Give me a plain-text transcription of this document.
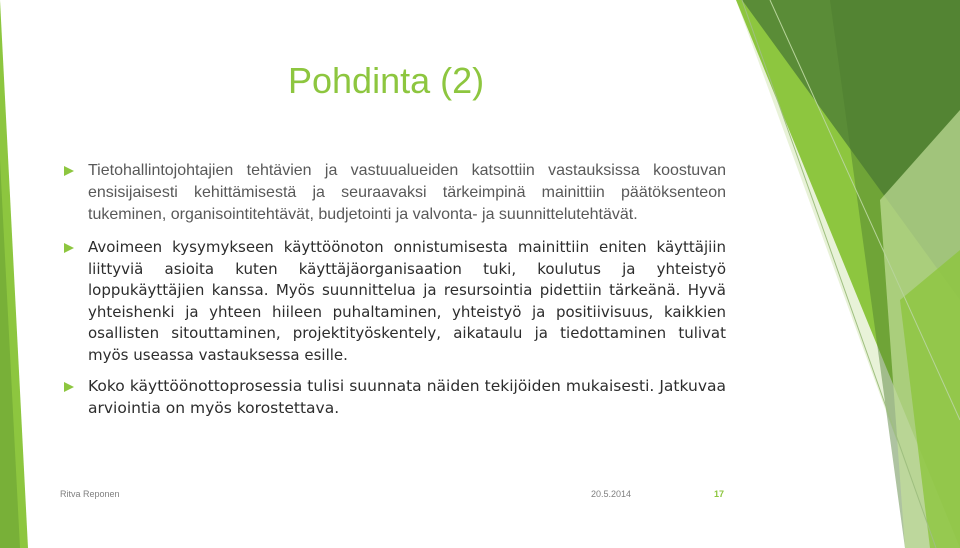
Pohdinta (2)

Tietohallintojohtajien tehtävien ja vastuualueiden katsottiin vastauksissa koostuvan ensisijaisesti kehittämisestä ja seuraavaksi tärkeimpinä mainittiin päätöksenteon tukeminen, organisointitehtävät, budjetointi ja valvonta- ja suunnittelutehtävät.

Avoimeen kysymykseen käyttöönoton onnistumisesta mainittiin eniten käyttäjiin liittyviä asioita kuten käyttäjäorganisaation tuki, koulutus ja yhteistyö loppukäyttäjien kanssa. Myös suunnittelua ja resursointia pidettiin tärkeänä. Hyvä yhteishenki ja yhteen hiileen puhaltaminen, yhteistyö ja positiivisuus, kaikkien osallisten sitouttaminen, projektityöskentely, aikataulu ja tiedottaminen tulivat myös useassa vastauksessa esille.

Koko käyttöönottoprosessia tulisi suunnata näiden tekijöiden mukaisesti. Jatkuvaa arviointia on myös korostettava.

Ritva Reponen	20.5.2014	17
